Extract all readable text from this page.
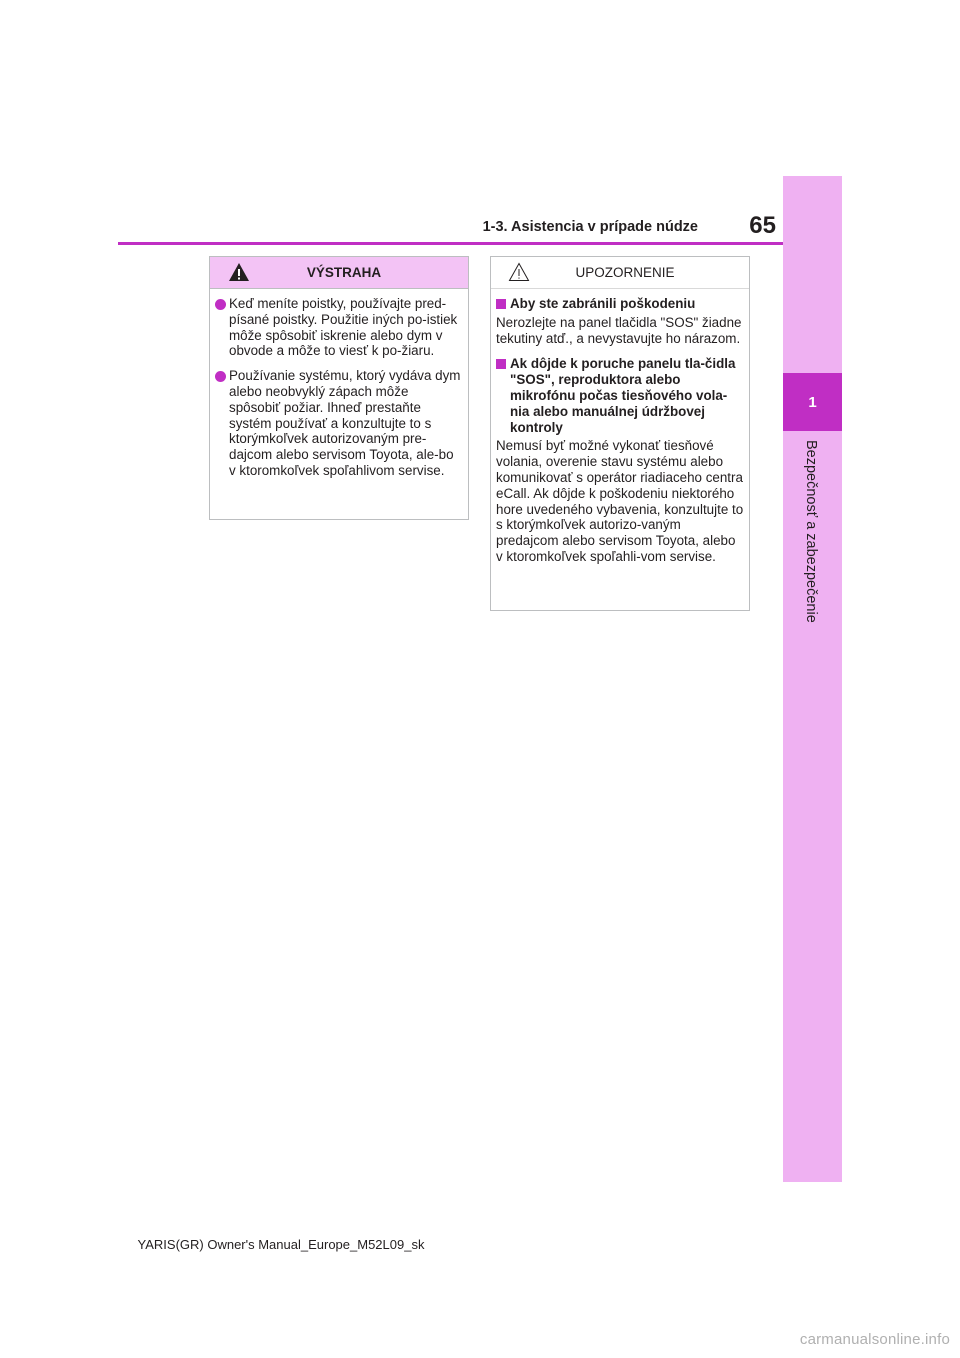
1
Bezpečnosť a zabezpečenie
65
1-3. Asistencia v prípade núdze
VÝSTRAHA
Keď meníte poistky, používajte pred-písané poistky. Použitie iných po-istiek môže spôsobiť iskrenie alebo dym v obvode a môže to viesť k po-žiaru.
Používanie systému, ktorý vydáva dym alebo neobvyklý zápach môže spôsobiť požiar. Ihneď prestaňte systém používať a konzultujte to s ktorýmkoľvek autorizovaným pre-dajcom alebo servisom Toyota, ale-bo v ktoromkoľvek spoľahlivom servise.
UPOZORNENIE
Aby ste zabránili poškodeniu
Nerozlejte na panel tlačidla "SOS" žiadne tekutiny atď., a nevystavujte ho nárazom.
Ak dôjde k poruche panelu tla-čidla "SOS", reproduktora alebo mikrofónu počas tiesňového vola-nia alebo manuálnej údržbovej kontroly
Nemusí byť možné vykonať tiesňové volania, overenie stavu systému alebo komunikovať s operátor riadiaceho centra eCall. Ak dôjde k poškodeniu niektorého hore uvedeného vybavenia, konzultujte to s ktorýmkoľvek autorizo-vaným predajcom alebo servisom Toyota, alebo v ktoromkoľvek spoľahli-vom servise.
YARIS(GR) Owner's Manual_Europe_M52L09_sk
carmanualsonline.info
